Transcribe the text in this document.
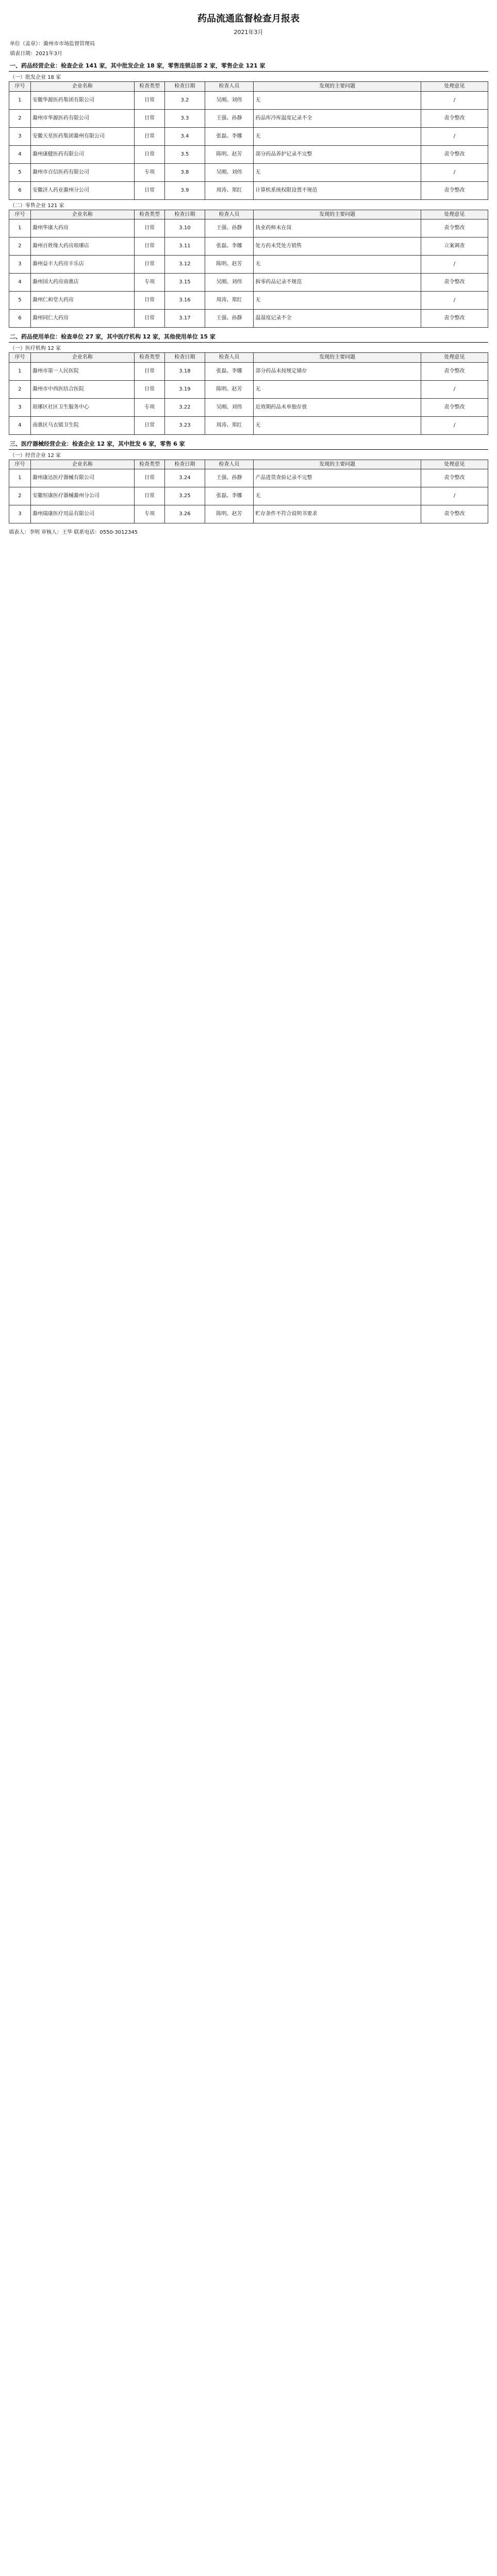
药品流通监督检查月报表
2021年3月
单位（盖章）：滁州市市场监督管理局
填表日期：2021年3月
一、药品经营企业：检查企业 141 家，其中批发企业 18 家，零售连锁总部 2 家，零售企业 121 家
（一）批发企业 18 家
序号	企业名称	检查类型	检查日期	检查人员	发现的主要问题	处理意见
1	安徽华源医药集团有限公司	日常	3.2	吴刚、刘伟	无	/
2	滁州市华源医药有限公司	日常	3.3	王强、孙静	药品库冷库温度记录不全	责令整改
3	安徽天星医药集团滁州有限公司	日常	3.4	张磊、李娜	无	/
4	滁州康健医药有限公司	日常	3.5	陈明、赵芳	部分药品养护记录不完整	责令整改
5	滁州市百信医药有限公司	专项	3.8	吴刚、刘伟	无	/
6	安徽济人药业滁州分公司	日常	3.9	周涛、郑红	计算机系统权限设置不规范	责令整改
（二）零售企业 121 家
序号	企业名称	检查类型	检查日期	检查人员	发现的主要问题	处理意见
1	滁州华康大药房	日常	3.10	王强、孙静	执业药师未在岗	责令整改
2	滁州百姓缘大药房琅琊店	日常	3.11	张磊、李娜	处方药未凭处方销售	立案调查
3	滁州益丰大药房丰乐店	日常	3.12	陈明、赵芳	无	/
4	滁州国大药房南谯店	专项	3.15	吴刚、刘伟	拆零药品记录不规范	责令整改
5	滁州仁和堂大药房	日常	3.16	周涛、郑红	无	/
6	滁州同仁大药房	日常	3.17	王强、孙静	温湿度记录不全	责令整改
二、药品使用单位：检查单位 27 家，其中医疗机构 12 家，其他使用单位 15 家
（一）医疗机构 12 家
序号	企业名称	检查类型	检查日期	检查人员	发现的主要问题	处理意见
1	滁州市第一人民医院	日常	3.18	张磊、李娜	部分药品未按规定储存	责令整改
2	滁州市中西医结合医院	日常	3.19	陈明、赵芳	无	/
3	琅琊区社区卫生服务中心	专项	3.22	吴刚、刘伟	近效期药品未单独存放	责令整改
4	南谯区乌衣镇卫生院	日常	3.23	周涛、郑红	无	/
三、医疗器械经营企业：检查企业 12 家，其中批发 6 家，零售 6 家
（一）经营企业 12 家
序号	企业名称	检查类型	检查日期	检查人员	发现的主要问题	处理意见
1	滁州康达医疗器械有限公司	日常	3.24	王强、孙静	产品进货查验记录不完整	责令整改
2	安徽恒康医疗器械滁州分公司	日常	3.25	张磊、李娜	无	/
3	滁州瑞康医疗用品有限公司	专项	3.26	陈明、赵芳	贮存条件不符合说明书要求	责令整改
填表人：李明 审核人：王华 联系电话：0550-3012345
